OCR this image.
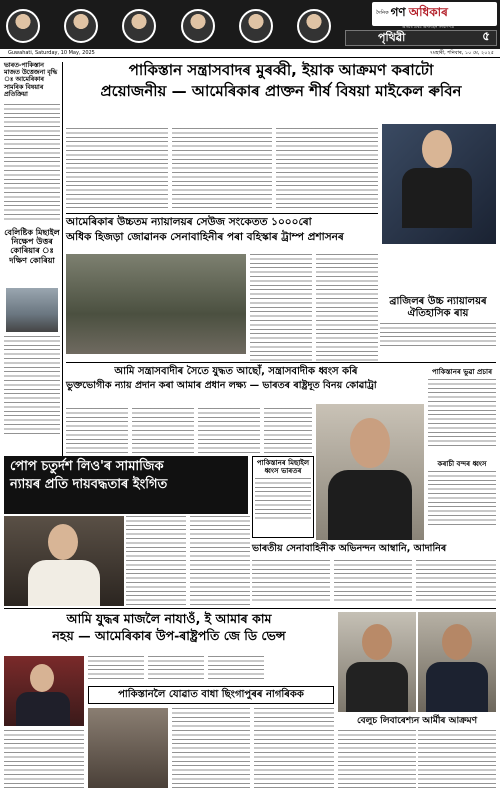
দৈনিক গণ অধিকাৰ
অসমৰ প্ৰথম অনলাইন সংবাদপত্ৰ
পৃথিৱী	৫
Guwahati, Saturday, 10 May, 2025	৭মহাৰী, শনিবাৰ, ১০ মে, ২০২৫
ভাৰত-পাকিস্তান মাজত উত্তেজনা বৃদ্ধি ঃ আমেৰিকাৰ সামৰিক বিষয়াৰ প্ৰতিক্ৰিয়া
বেলিষ্টিক মিছাইল নিক্ষেপ উত্তৰ কোৰিয়াৰ ঃ দক্ষিণ কোৰিয়া
পাকিস্তান সন্ত্ৰাসবাদৰ মুৰব্বী, ইয়াক আক্ৰমণ কৰাটো
প্ৰয়োজনীয় — আমেৰিকাৰ প্ৰাক্তন শীৰ্ষ বিষয়া মাইকেল ৰুবিন
আমেৰিকাৰ উচ্চতম ন্যায়ালয়ৰ সেউজ সংকেতত ১০০০ৰো
অধিক হিজড়া জোৱানক সেনাবাহিনীৰ পৰা বহিস্কাৰ ট্ৰাম্প প্ৰশাসনৰ
ব্ৰাজিলৰ উচ্চ ন্যায়ালয়ৰ ঐতিহাসিক ৰায়
আমি সন্ত্ৰাসবাদীৰ সৈতে যুদ্ধত আছোঁ, সন্ত্ৰাসবাদীক ধ্বংস কৰি
ভুক্তভোগীক ন্যায় প্ৰদান কৰা আমাৰ প্ৰধান লক্ষ্য — ভাৰতৰ ৰাষ্ট্ৰদূত বিনয় কোৱাট্ৰা
পাকিস্তানৰ ভুৱা প্ৰচাৰ
কৰাচী বন্দৰ ধ্বংস
পোপ চতুৰ্দশ লিও'ৰ সামাজিক
ন্যায়ৰ প্ৰতি দায়বদ্ধতাৰ ইংগিত
পাকিস্তানৰ মিছাইল ধ্বংস ভাৰতৰ
ভাৰতীয় সেনাবাহিনীক অভিনন্দন আম্বানি, আদানিৰ
আমি যুদ্ধৰ মাজলৈ নাযাওঁ, ই আমাৰ কাম
নহয় — আমেৰিকাৰ উপ-ৰাষ্ট্ৰপতি জে ডি ভেন্স
পাকিস্তানলৈ যোৱাত বাধা ছিংগাপুৰৰ নাগৰিকক
বেলুচ লিবাৰেশ্যন আৰ্মীৰ আক্ৰমণ
